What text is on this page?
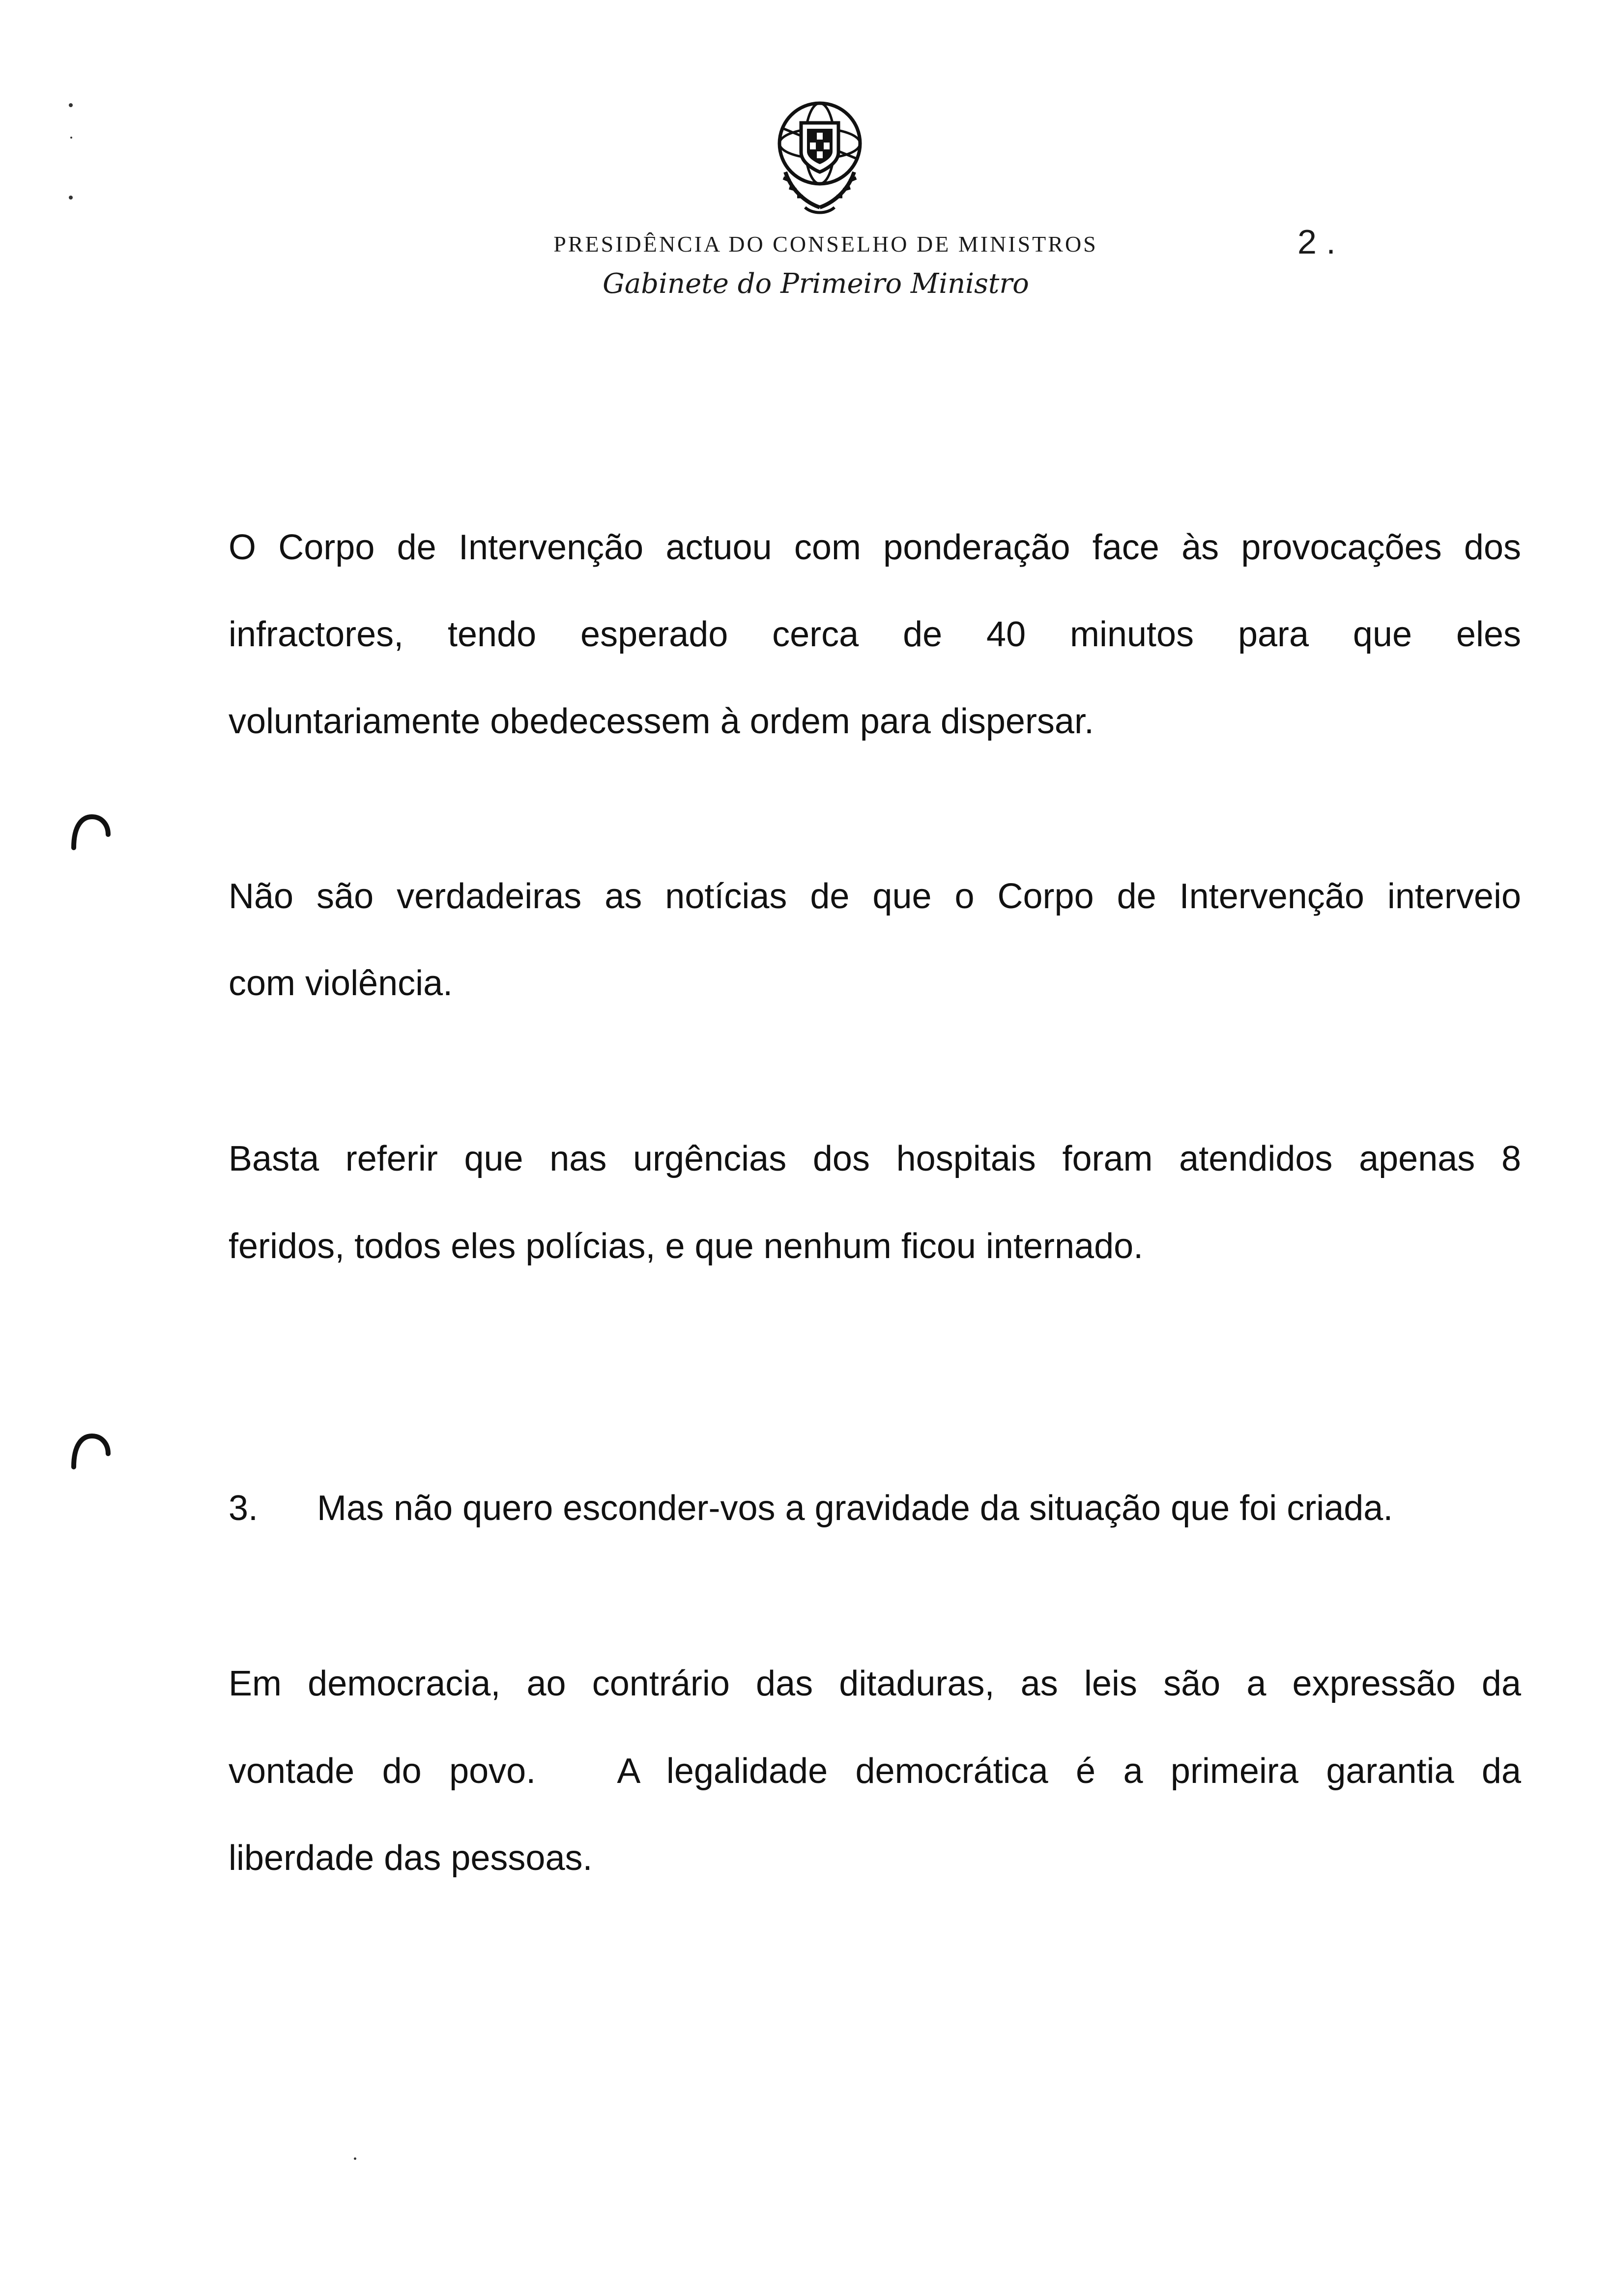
PRESIDÊNCIA DO CONSELHO DE MINISTROS
Gabinete do Primeiro Ministro
2 .
O Corpo de Intervenção actuou com ponderação face às provocações dos
infractores, tendo esperado cerca de 40 minutos para que eles
voluntariamente obedecessem à ordem para dispersar.
Não são verdadeiras as notícias de que o Corpo de Intervenção interveio
com violência.
Basta referir que nas urgências dos hospitais foram atendidos apenas 8
feridos, todos eles polícias, e que nenhum ficou internado.
3. Mas não quero esconder-vos a gravidade da situação que foi criada.
Em democracia, ao contrário das ditaduras, as leis são a expressão da
vontade do povo.   A legalidade democrática é a primeira garantia da
liberdade das pessoas.
